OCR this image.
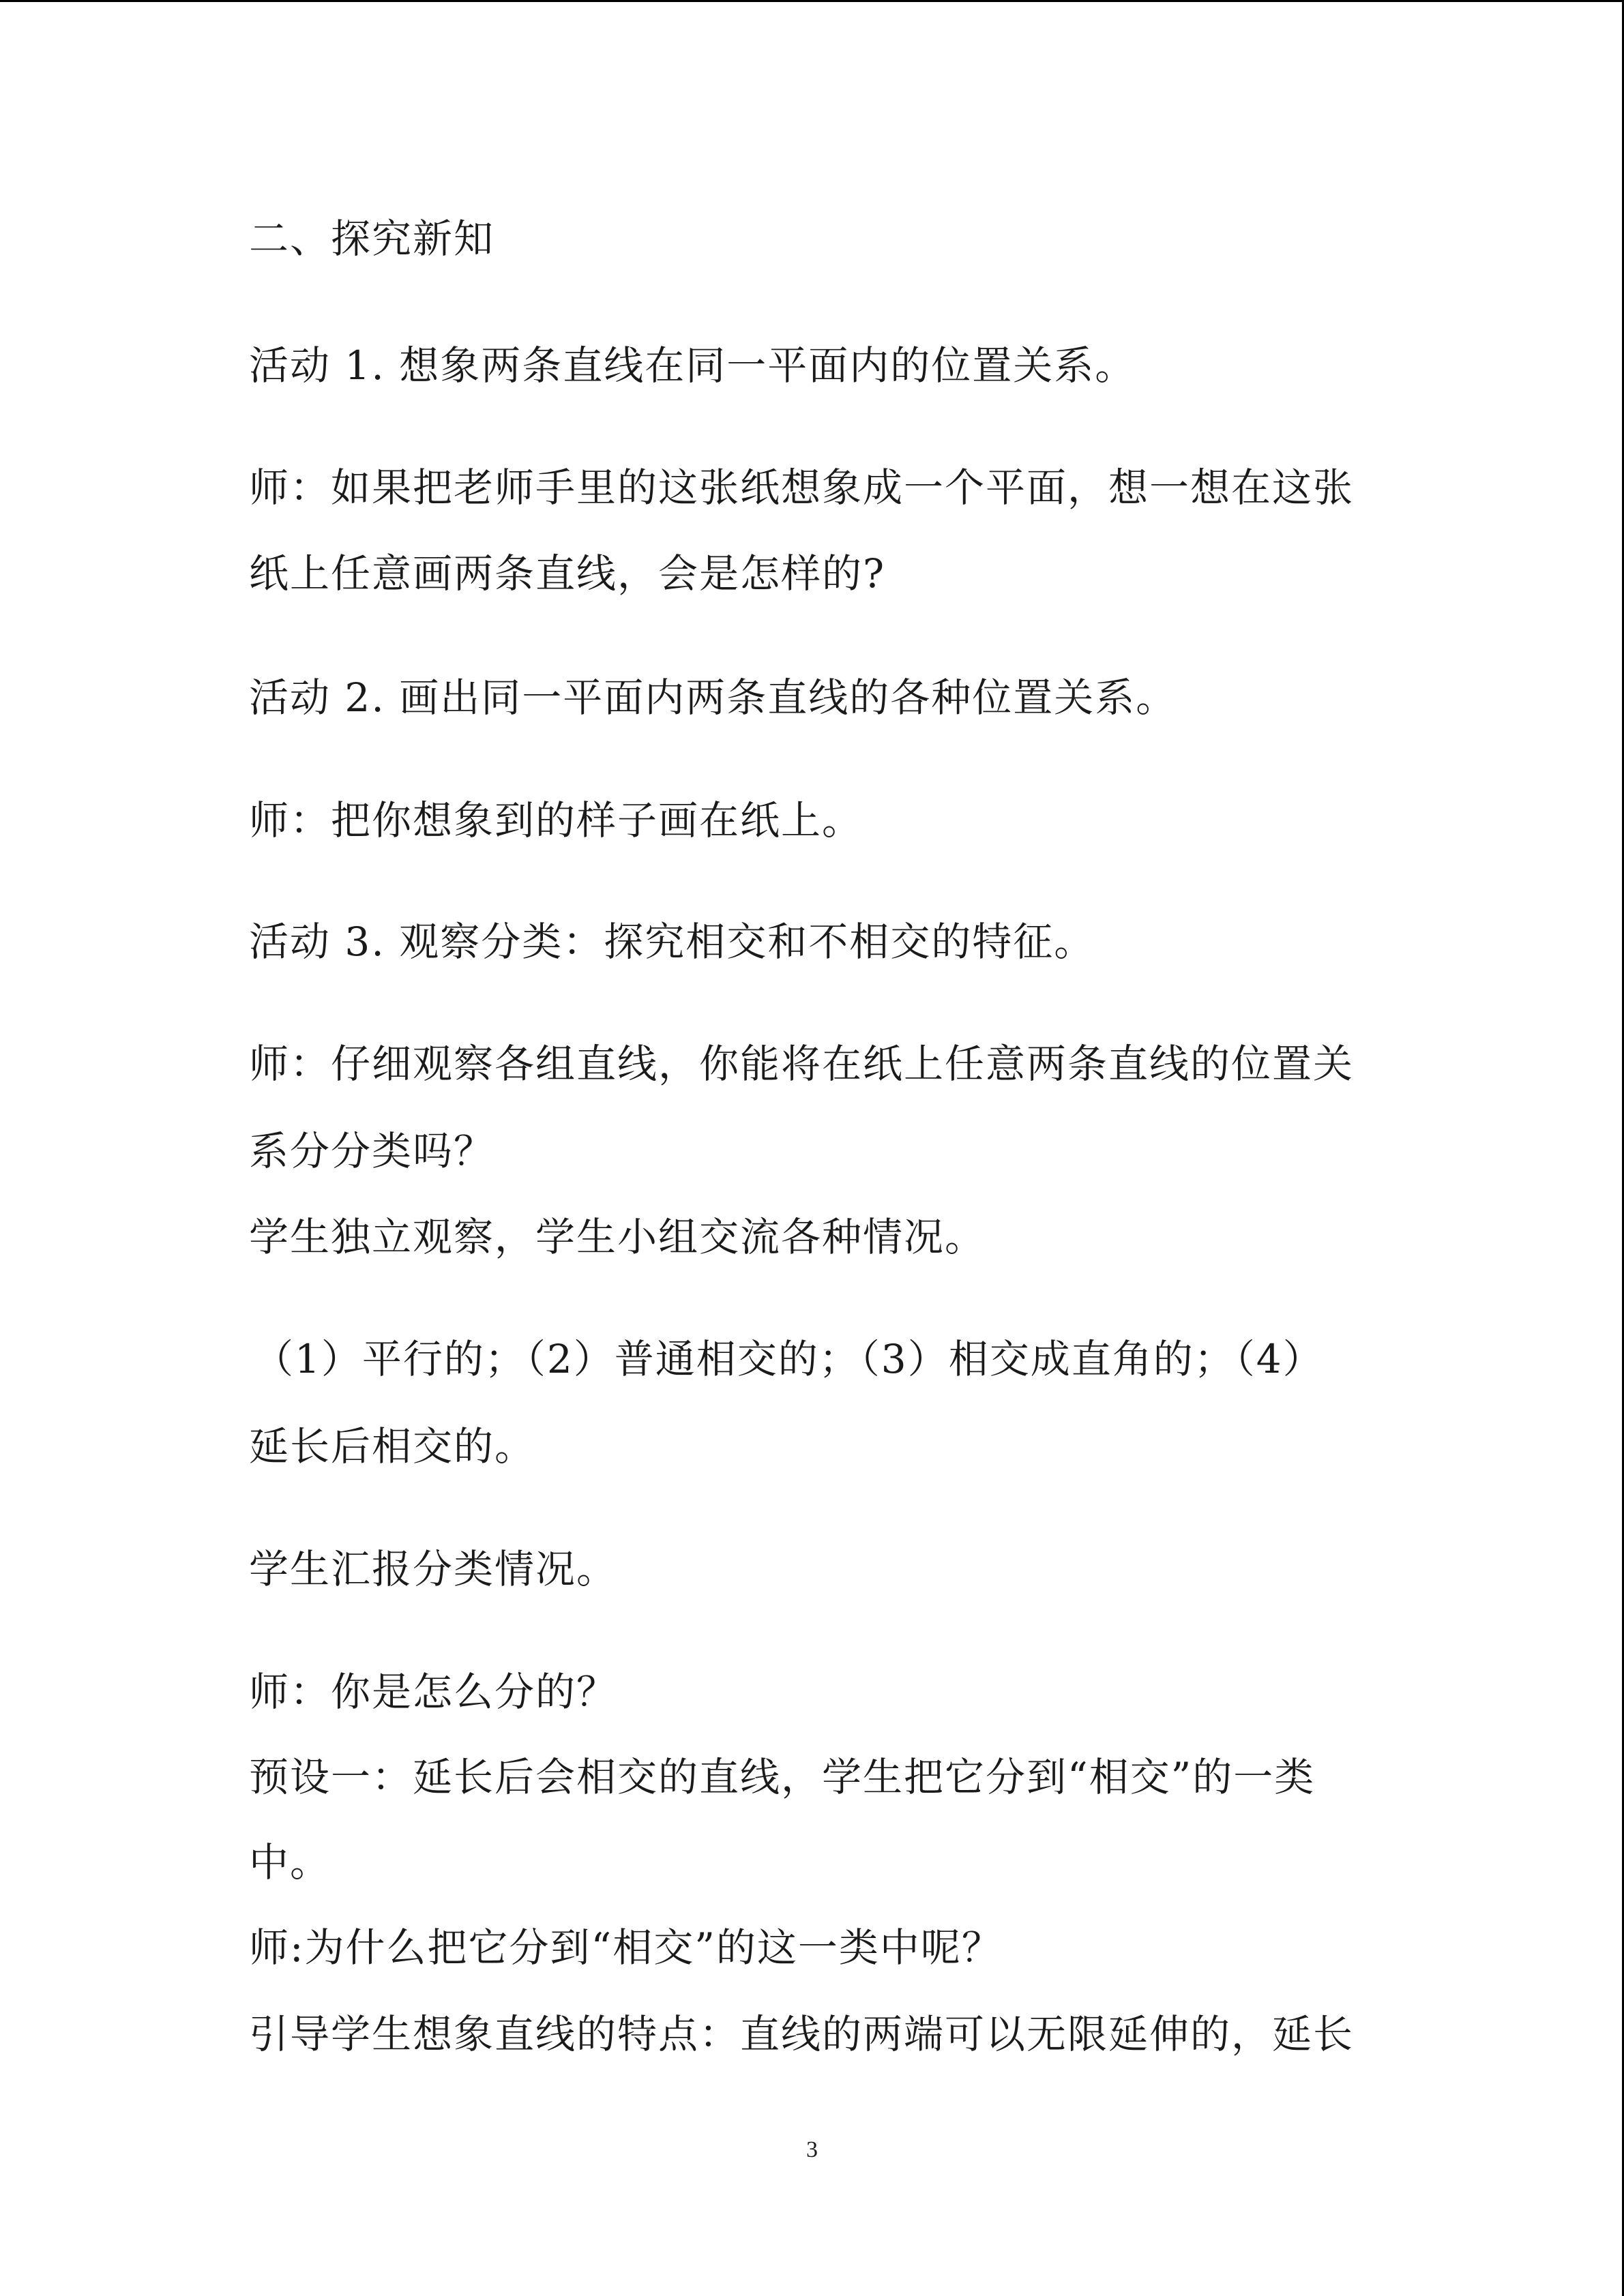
二、探究新知
活动 1. 想象两条直线在同一平面内的位置关系。
师：如果把老师手里的这张纸想象成一个平面，想一想在这张
纸上任意画两条直线，会是怎样的?
活动 2. 画出同一平面内两条直线的各种位置关系。
师：把你想象到的样子画在纸上。
活动 3. 观察分类：探究相交和不相交的特征。
师：仔细观察各组直线，你能将在纸上任意两条直线的位置关
系分分类吗？
学生独立观察，学生小组交流各种情况。
（1）平行的；（2）普通相交的；（3）相交成直角的；（4）
延长后相交的。
学生汇报分类情况。
师：你是怎么分的？
预设一：延长后会相交的直线，学生把它分到“相交”的一类
中。
师:为什么把它分到“相交”的这一类中呢？
引导学生想象直线的特点：直线的两端可以无限延伸的，延长
3
